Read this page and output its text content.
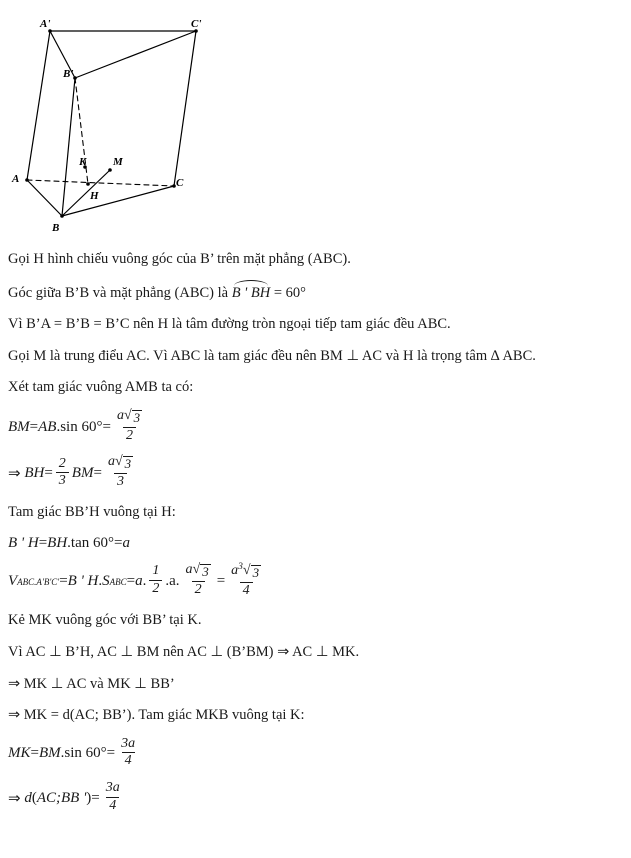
A'	C'
B'
K M
A	C
H
B

Gọi H hình chiếu vuông góc của B’ trên mặt phẳng (ABC).

Góc giữa B’B và mặt phẳng (ABC) là B ' BH = 60°

Vì B’A = B’B = B’C nên H là tâm đường tròn ngoại tiếp tam giác đều ABC.

Gọi M là trung điểu AC. Vì ABC là tam giác đều nên BM ⊥ AC và H là trọng tâm ∆ ABC.

Xét tam giác vuông AMB ta có:

BM = AB . $\sin 60^\circ = \frac{a √ 3}{2}$
⇒
BH = $\frac{2}{3}$ BM = $\frac{a √ 3}{3}$

Tam giác BB’H vuông tại H:

B ' H = BH . tan 60° = a
V ABC.A'B'C' = B ' H . S ABC = a . $\frac{1}{2} .a$. $\frac{a √ 3}{2} = \frac{a^3 √ 3}{4}$

Kẻ MK vuông góc với BB’ tại K.

Vì AC ⊥ B’H, AC ⊥ BM nên AC ⊥ (B’BM) ⇒ AC ⊥ MK.

⇒ MK ⊥ AC và MK ⊥ BB’

⇒ MK = d(AC; BB’). Tam giác MKB vuông tại K:

MK = BM . $\sin 60^\circ = \frac{3a}{4}$
⇒
d ( AC;BB ' ) = $\frac{3a}{4}$
